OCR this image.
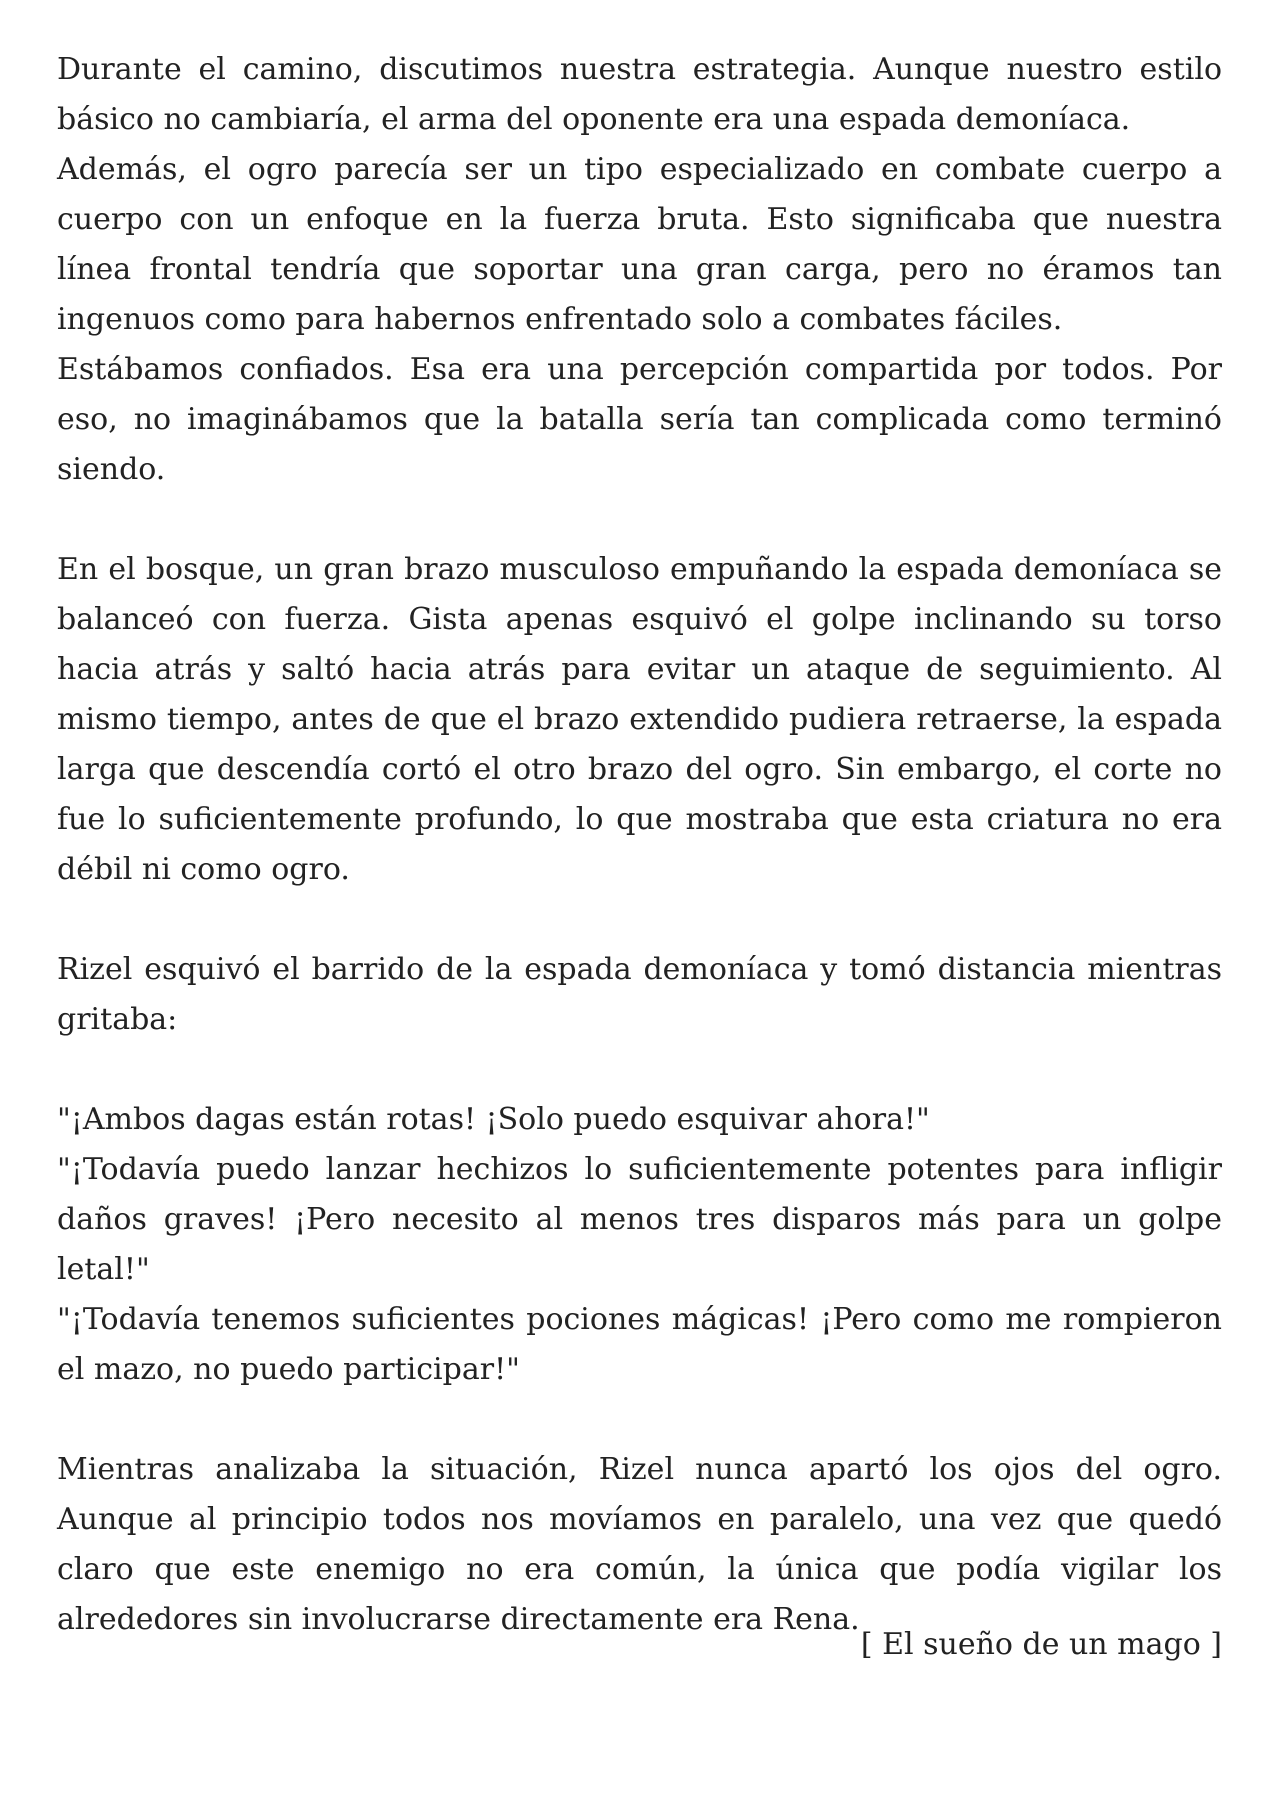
Durante el camino, discutimos nuestra estrategia. Aunque nuestro estilo básico no cambiaría, el arma del oponente era una espada demoníaca.

Además, el ogro parecía ser un tipo especializado en combate cuerpo a cuerpo con un enfoque en la fuerza bruta. Esto significaba que nuestra línea frontal tendría que soportar una gran carga, pero no éramos tan ingenuos como para habernos enfrentado solo a combates fáciles.

Estábamos confiados. Esa era una percepción compartida por todos. Por eso, no imaginábamos que la batalla sería tan complicada como terminó siendo.

En el bosque, un gran brazo musculoso empuñando la espada demoníaca se balanceó con fuerza. Gista apenas esquivó el golpe inclinando su torso hacia atrás y saltó hacia atrás para evitar un ataque de seguimiento. Al mismo tiempo, antes de que el brazo extendido pudiera retraerse, la espada larga que descendía cortó el otro brazo del ogro. Sin embargo, el corte no fue lo suficientemente profundo, lo que mostraba que esta criatura no era débil ni como ogro.

Rizel esquivó el barrido de la espada demoníaca y tomó distancia mientras gritaba:

"¡Ambos dagas están rotas! ¡Solo puedo esquivar ahora!"

"¡Todavía puedo lanzar hechizos lo suficientemente potentes para infligir daños graves! ¡Pero necesito al menos tres disparos más para un golpe letal!"

"¡Todavía tenemos suficientes pociones mágicas! ¡Pero como me rompieron el mazo, no puedo participar!"

Mientras analizaba la situación, Rizel nunca apartó los ojos del ogro. Aunque al principio todos nos movíamos en paralelo, una vez que quedó claro que este enemigo no era común, la única que podía vigilar los alrededores sin involucrarse directamente era Rena.

[ El sueño de un mago ]
